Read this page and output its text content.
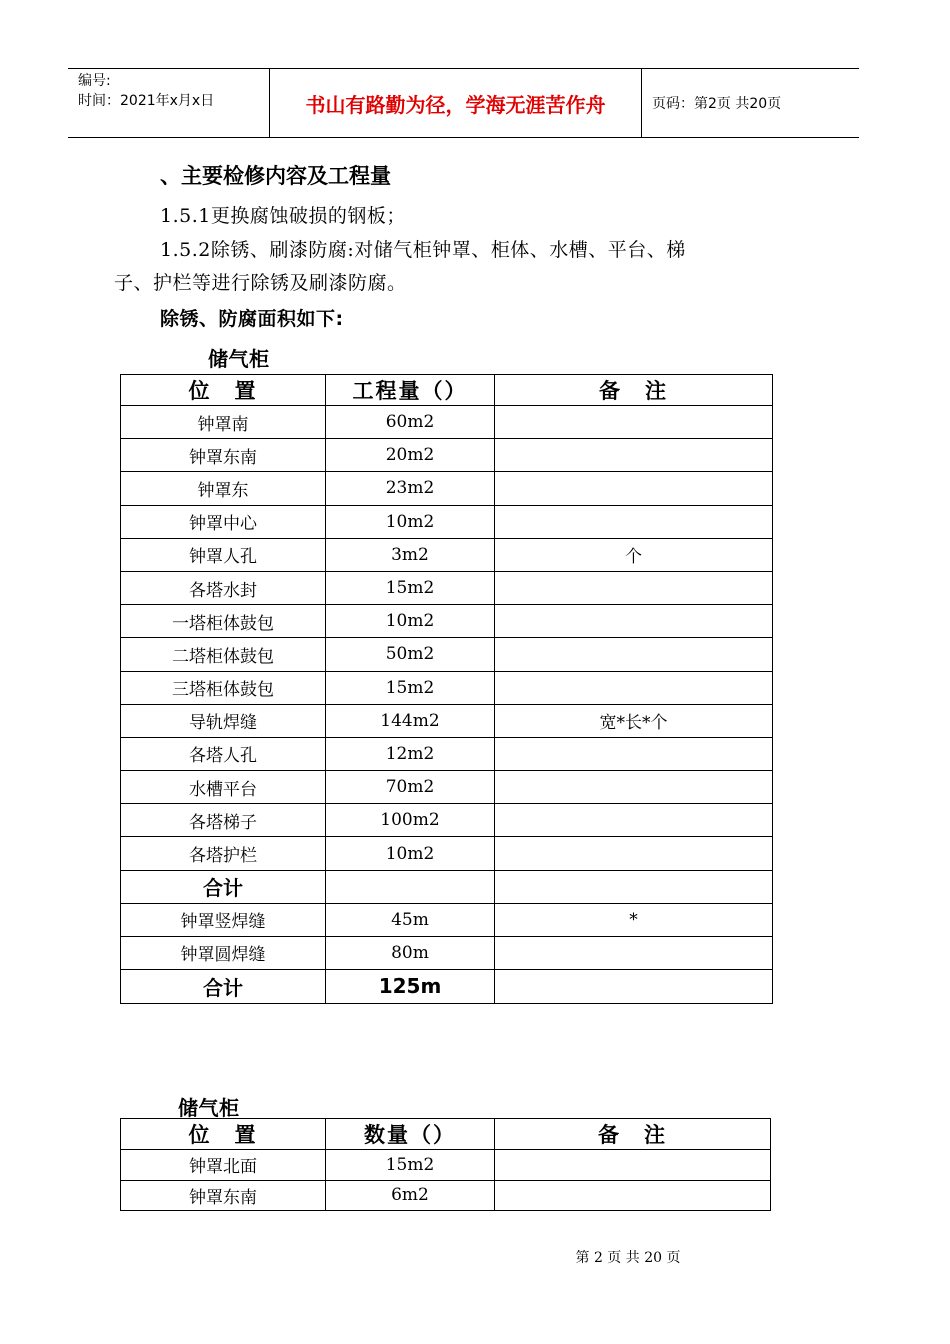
编号:
时间：2021年x月x日	书山有路勤为径，学海无涯苦作舟	页码：第2页 共20页
、主要检修内容及工程量
1.5.1更换腐蚀破损的钢板；
1.5.2除锈、刷漆防腐:对储气柜钟罩、柜体、水槽、平台、梯
子、护栏等进行除锈及刷漆防腐。
除锈、防腐面积如下:
储气柜
位　置	工程量（）	备　注
钟罩南	60m2	
钟罩东南	20m2	
钟罩东	23m2	
钟罩中心	10m2	
钟罩人孔	3m2	个
各塔水封	15m2	
一塔柜体鼓包	10m2	
二塔柜体鼓包	50m2	
三塔柜体鼓包	15m2	
导轨焊缝	144m2	宽*长*个
各塔人孔	12m2	
水槽平台	70m2	
各塔梯子	100m2	
各塔护栏	10m2	
合计		
钟罩竖焊缝	45m	*
钟罩圆焊缝	80m	
合计	125m	
储气柜
位　置	数量（）	备　注
钟罩北面	15m2	
钟罩东南	6m2	
第 2 页 共 20 页
